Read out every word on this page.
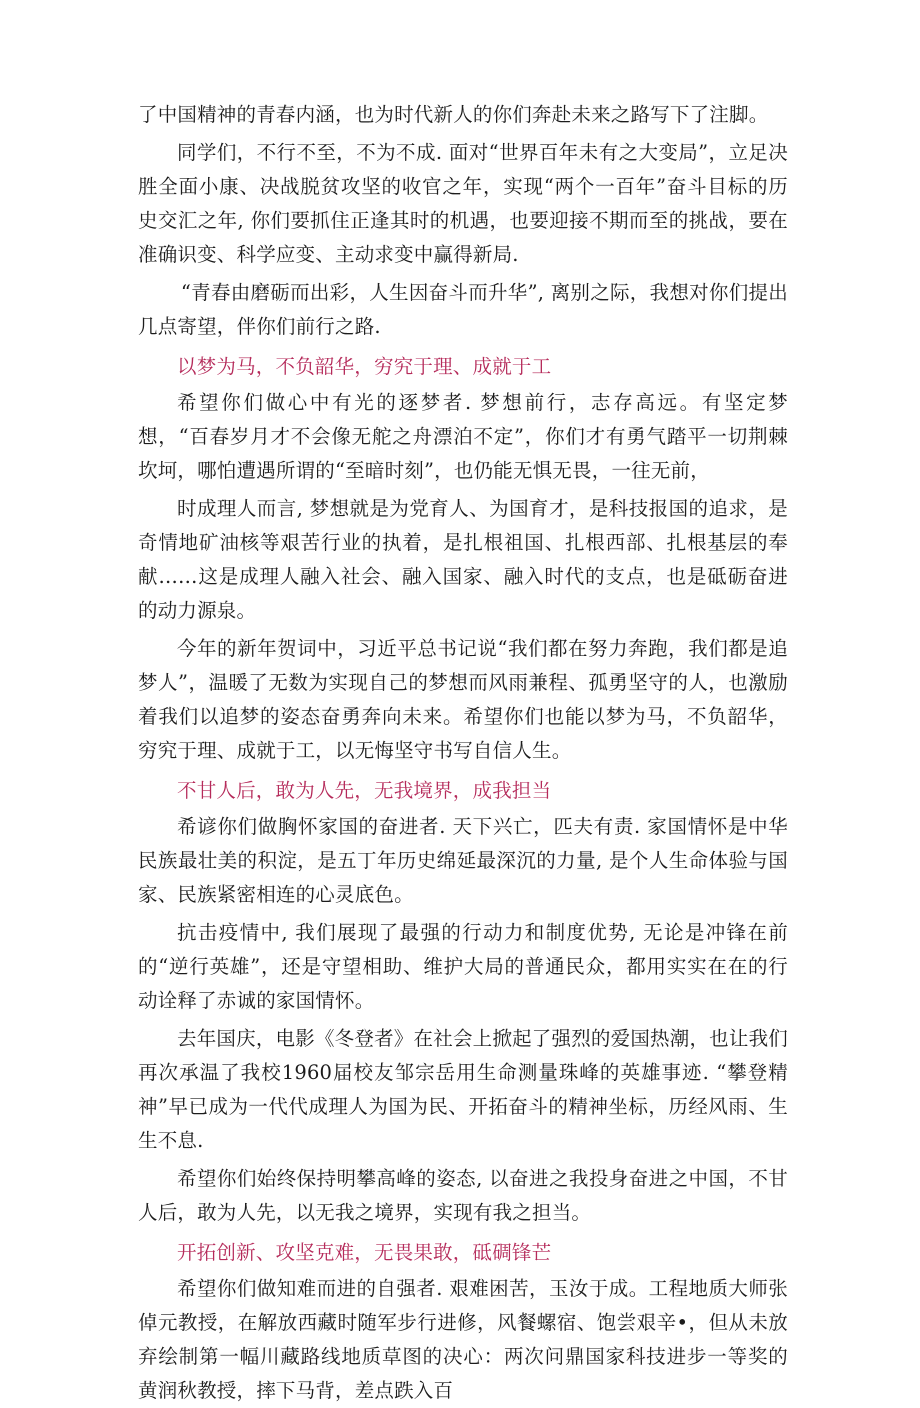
了中国精神的青春内涵，也为时代新人的你们奔赴未来之路写下了注脚。

同学们，不行不至，不为不成. 面对“世界百年未有之大变局”，立足决胜全面小康、决战脱贫攻坚的收官之年，实现“两个一百年”奋斗目标的历史交汇之年, 你们要抓住正逢其时的机遇，也要迎接不期而至的挑战，要在准确识变、科学应变、主动求变中赢得新局.

“青春由磨砺而出彩，人生因奋斗而升华”, 离别之际，我想对你们提出几点寄望，伴你们前行之路.

以梦为马，不负韶华，穷究于理、成就于工

希望你们做心中有光的逐梦者. 梦想前行，志存高远。有坚定梦想，“百春岁月才不会像无舵之舟漂泊不定”，你们才有勇气踏平一切荆棘坎坷，哪怕遭遇所谓的“至暗时刻”，也仍能无惧无畏，一往无前，

时成理人而言, 梦想就是为党育人、为国育才，是科技报国的追求，是奇情地矿油核等艰苦行业的执着，是扎根祖国、扎根西部、扎根基层的奉献……这是成理人融入社会、融入国家、融入时代的支点，也是砥砺奋进的动力源泉。

今年的新年贺词中，习近平总书记说“我们都在努力奔跑，我们都是追梦人”，温暖了无数为实现自己的梦想而风雨兼程、孤勇坚守的人，也激励着我们以追梦的姿态奋勇奔向未来。希望你们也能以梦为马，不负韶华，穷究于理、成就于工，以无悔坚守书写自信人生。

不甘人后，敢为人先，无我境界，成我担当

希谚你们做胸怀家国的奋进者. 天下兴亡，匹夫有责. 家国情怀是中华民族最壮美的积淀，是五丁年历史绵延最深沉的力量, 是个人生命体验与国家、民族紧密相连的心灵底色。

抗击疫情中, 我们展现了最强的行动力和制度优势, 无论是冲锋在前的“逆行英雄”，还是守望相助、维护大局的普通民众，都用实实在在的行动诠释了赤诚的家国情怀。

去年国庆，电影《冬登者》在社会上掀起了强烈的爱国热潮，也让我们再次承温了我校1960届校友邹宗岳用生命测量珠峰的英雄事迹. “攀登精神”早已成为一代代成理人为国为民、开拓奋斗的精神坐标，历经风雨、生生不息.

希望你们始终保持明攀高峰的姿态, 以奋进之我投身奋进之中国，不甘人后，敢为人先，以无我之境界，实现有我之担当。

开拓创新、攻坚克难，无畏果敢，砥碉锋芒

希望你们做知难而进的自强者. 艰难困苦，玉汝于成。工程地质大师张倬元教授，在解放西藏时随军步行进修，风餐螺宿、饱尝艰辛•，但从未放弃绘制第一幅川藏路线地质草图的决心：两次问鼎国家科技进步一等奖的黄润秋教授，摔下马背，差点跌入百
